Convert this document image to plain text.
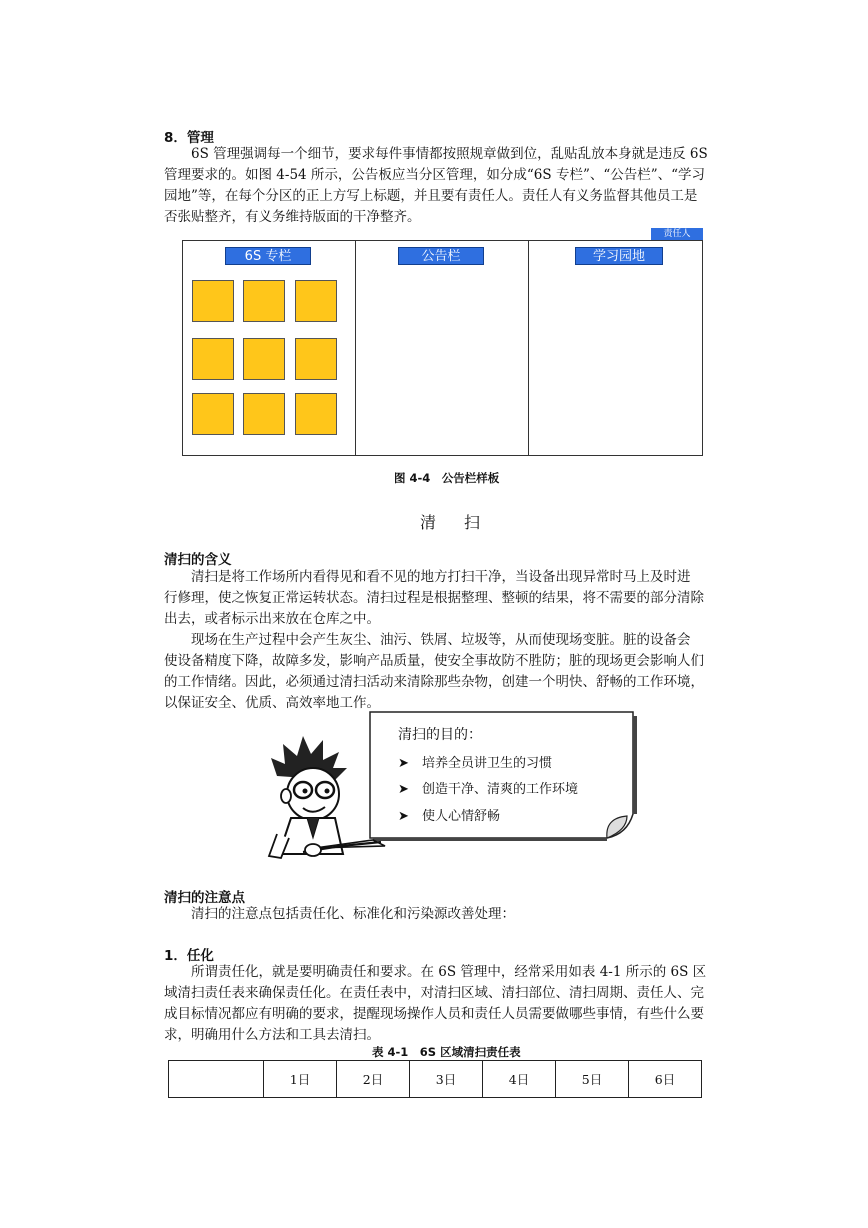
8．管理
6S 管理强调每一个细节，要求每件事情都按照规章做到位，乱贴乱放本身就是违反 6S
管理要求的。如图 4-54 所示，公告板应当分区管理，如分成“6S 专栏”、“公告栏”、“学习
园地”等，在每个分区的正上方写上标题，并且要有责任人。责任人有义务监督其他员工是
否张贴整齐，有义务维持版面的干净整齐。
责任人
6S 专栏	公告栏	学习园地
图 4-4　公告栏样板
清扫
清扫的含义
清扫是将工作场所内看得见和看不见的地方打扫干净，当设备出现异常时马上及时进
行修理，使之恢复正常运转状态。清扫过程是根据整理、整顿的结果，将不需要的部分清除
出去，或者标示出来放在仓库之中。
现场在生产过程中会产生灰尘、油污、铁屑、垃圾等，从而使现场变脏。脏的设备会
使设备精度下降，故障多发，影响产品质量，使安全事故防不胜防；脏的现场更会影响人们
的工作情绪。因此，必须通过清扫活动来清除那些杂物，创建一个明快、舒畅的工作环境，
以保证安全、优质、高效率地工作。
清扫的目的：
➤ 培养全员讲卫生的习惯
➤ 创造干净、清爽的工作环境
➤ 使人心情舒畅
清扫的注意点
清扫的注意点包括责任化、标准化和污染源改善处理：
1．任化
所谓责任化，就是要明确责任和要求。在 6S 管理中，经常采用如表 4-1 所示的 6S 区
域清扫责任表来确保责任化。在责任表中，对清扫区域、清扫部位、清扫周期、责任人、完
成目标情况都应有明确的要求，提醒现场操作人员和责任人员需要做哪些事情，有些什么要
求，明确用什么方法和工具去清扫。
表 4-1　6S 区域清扫责任表
	1日	2日	3日	4日	5日	6日
